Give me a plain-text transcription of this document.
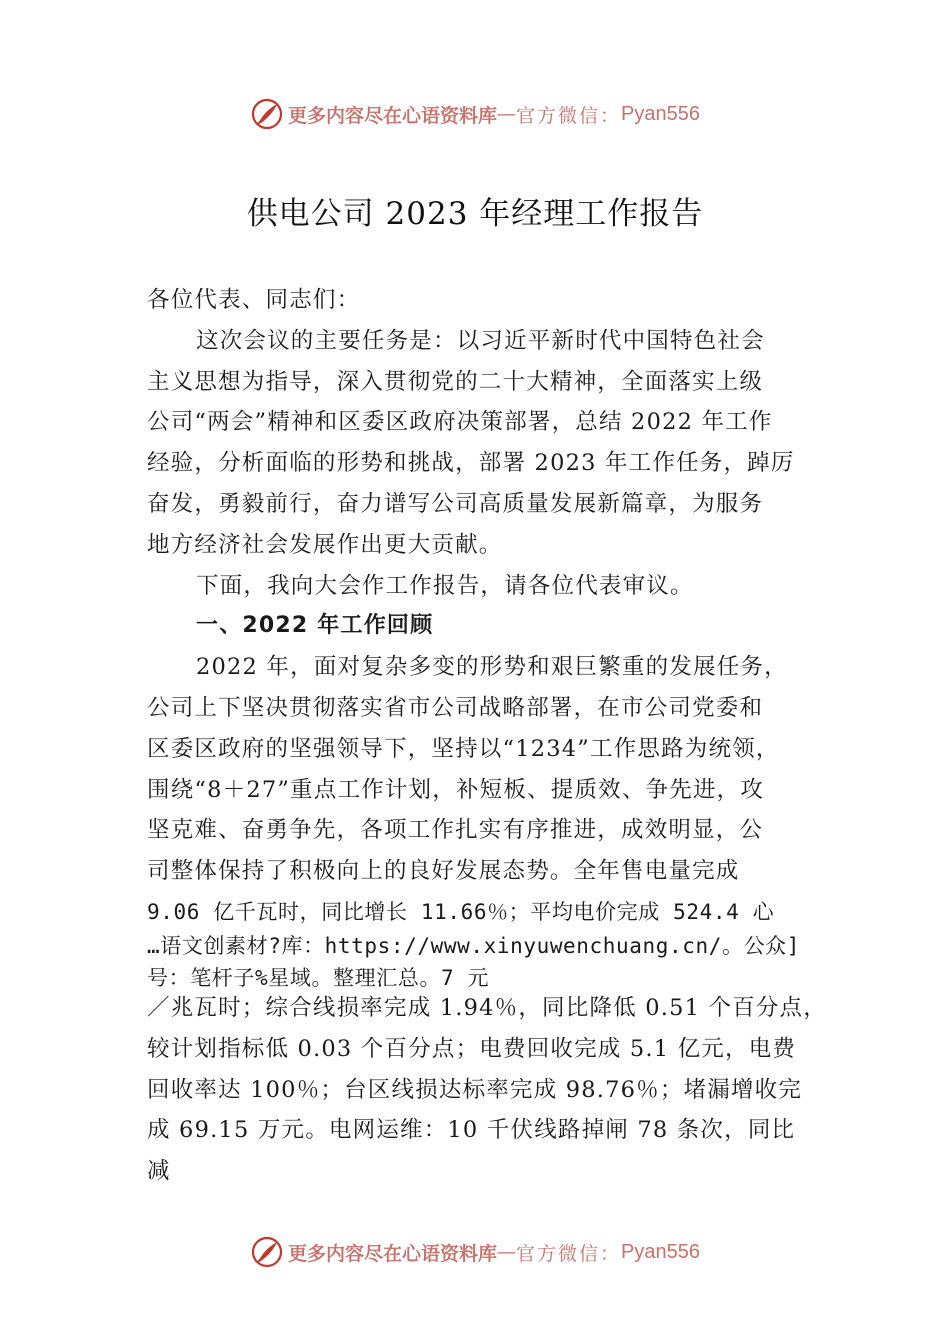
更多内容尽在心语资料库 — 官方微信： Pyan556
供电公司 2023 年经理工作报告
各位代表、同志们：
这次会议的主要任务是：以习近平新时代中国特色社会
主义思想为指导，深入贯彻党的二十大精神，全面落实上级
公司“两会”精神和区委区政府决策部署，总结 2022 年工作
经验，分析面临的形势和挑战，部署 2023 年工作任务，踔厉
奋发，勇毅前行，奋力谱写公司高质量发展新篇章，为服务
地方经济社会发展作出更大贡献。
下面，我向大会作工作报告，请各位代表审议。
一、2022 年工作回顾
2022 年，面对复杂多变的形势和艰巨繁重的发展任务，
公司上下坚决贯彻落实省市公司战略部署，在市公司党委和
区委区政府的坚强领导下，坚持以“1234”工作思路为统领，
围绕“8＋27”重点工作计划，补短板、提质效、争先进，攻
坚克难、奋勇争先，各项工作扎实有序推进，成效明显，公
司整体保持了积极向上的良好发展态势。全年售电量完成
9.06 亿千瓦时，同比增长 11.66％；平均电价完成 524.4 心
…语文创素材?库：https://www.xinyuwenchuang.cn/。公众]
号：笔杆子%星域。整理汇总。7 元
／兆瓦时；综合线损率完成 1.94％，同比降低 0.51 个百分点，
较计划指标低 0.03 个百分点；电费回收完成 5.1 亿元，电费
回收率达 100％；台区线损达标率完成 98.76％；堵漏增收完
成 69.15 万元。电网运维：10 千伏线路掉闸 78 条次，同比
减
更多内容尽在心语资料库 — 官方微信： Pyan556
